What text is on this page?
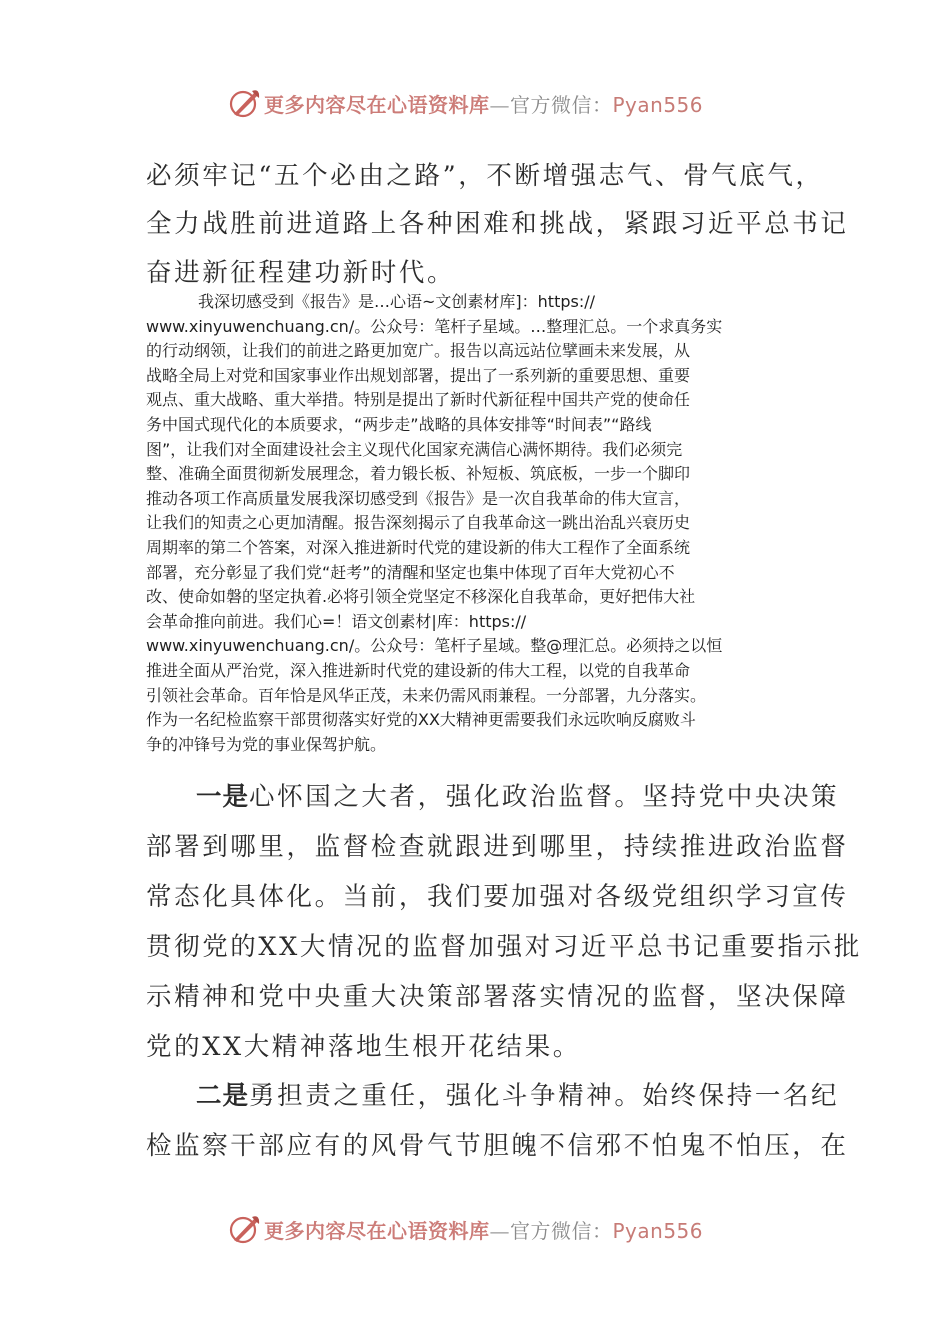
更多内容尽在心语资料库—官方微信：Pyan556

必须牢记“五个必由之路”，不断增强志气、骨气底气，

全力战胜前进道路上各种困难和挑战，紧跟习近平总书记

奋进新征程建功新时代。

我深切感受到《报告》是…心语~文创素材库]：https://
www.xinyuwenchuang.cn/。公众号：笔杆子星域。…整理汇总。一个求真务实
的行动纲领，让我们的前进之路更加宽广。报告以高远站位擘画未来发展，从
战略全局上对党和国家事业作出规划部署，提出了一系列新的重要思想、重要
观点、重大战略、重大举措。特别是提出了新时代新征程中国共产党的使命任
务中国式现代化的本质要求，“两步走”战略的具体安排等“时间表”“路线
图”，让我们对全面建设社会主义现代化国家充满信心满怀期待。我们必须完
整、准确全面贯彻新发展理念，着力锻长板、补短板、筑底板，一步一个脚印
推动各项工作高质量发展我深切感受到《报告》是一次自我革命的伟大宣言，
让我们的知责之心更加清醒。报告深刻揭示了自我革命这一跳出治乱兴衰历史
周期率的第二个答案，对深入推进新时代党的建设新的伟大工程作了全面系统
部署，充分彰显了我们党“赶考”的清醒和坚定也集中体现了百年大党初心不
改、使命如磐的坚定执着.必将引领全党坚定不移深化自我革命，更好把伟大社
会革命推向前进。我们心=！语文创素材|库：https://
www.xinyuwenchuang.cn/。公众号：笔杆子星域。整@理汇总。必须持之以恒
推进全面从严治党，深入推进新时代党的建设新的伟大工程，以党的自我革命
引领社会革命。百年恰是风华正茂，未来仍需风雨兼程。一分部署，九分落实。
作为一名纪检监察干部贯彻落实好党的XX大精神更需要我们永远吹响反腐败斗
争的冲锋号为党的事业保驾护航。

一是心怀国之大者，强化政治监督。坚持党中央决策

部署到哪里，监督检查就跟进到哪里，持续推进政治监督

常态化具体化。当前，我们要加强对各级党组织学习宣传

贯彻党的XX大情况的监督加强对习近平总书记重要指示批

示精神和党中央重大决策部署落实情况的监督，坚决保障

党的XX大精神落地生根开花结果。

二是勇担责之重任，强化斗争精神。始终保持一名纪

检监察干部应有的风骨气节胆魄不信邪不怕鬼不怕压，在

更多内容尽在心语资料库—官方微信：Pyan556
